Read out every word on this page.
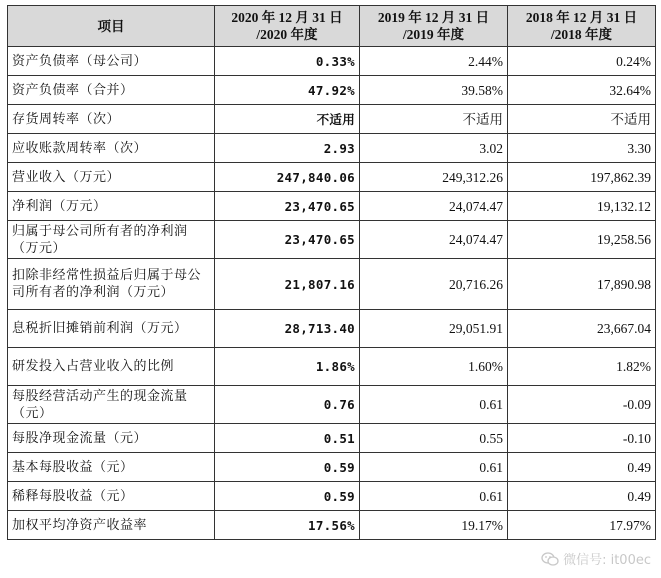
项目	2020 年 12 月 31 日 /2020 年度	2019 年 12 月 31 日 /2019 年度	2018 年 12 月 31 日 /2018 年度
资产负债率（母公司）	0.33%	2.44%	0.24%
资产负债率（合并）	47.92%	39.58%	32.64%
存货周转率（次）	不适用	不适用	不适用
应收账款周转率（次）	2.93	3.02	3.30
营业收入（万元）	247,840.06	249,312.26	197,862.39
净利润（万元）	23,470.65	24,074.47	19,132.12
归属于母公司所有者的净利润（万元）	23,470.65	24,074.47	19,258.56
扣除非经常性损益后归属于母公司所有者的净利润（万元）	21,807.16	20,716.26	17,890.98
息税折旧摊销前利润（万元）	28,713.40	29,051.91	23,667.04
研发投入占营业收入的比例	1.86%	1.60%	1.82%
每股经营活动产生的现金流量（元）	0.76	0.61	-0.09
每股净现金流量（元）	0.51	0.55	-0.10
基本每股收益（元）	0.59	0.61	0.49
稀释每股收益（元）	0.59	0.61	0.49
加权平均净资产收益率	17.56%	19.17%	17.97%
微信号: it00ec
